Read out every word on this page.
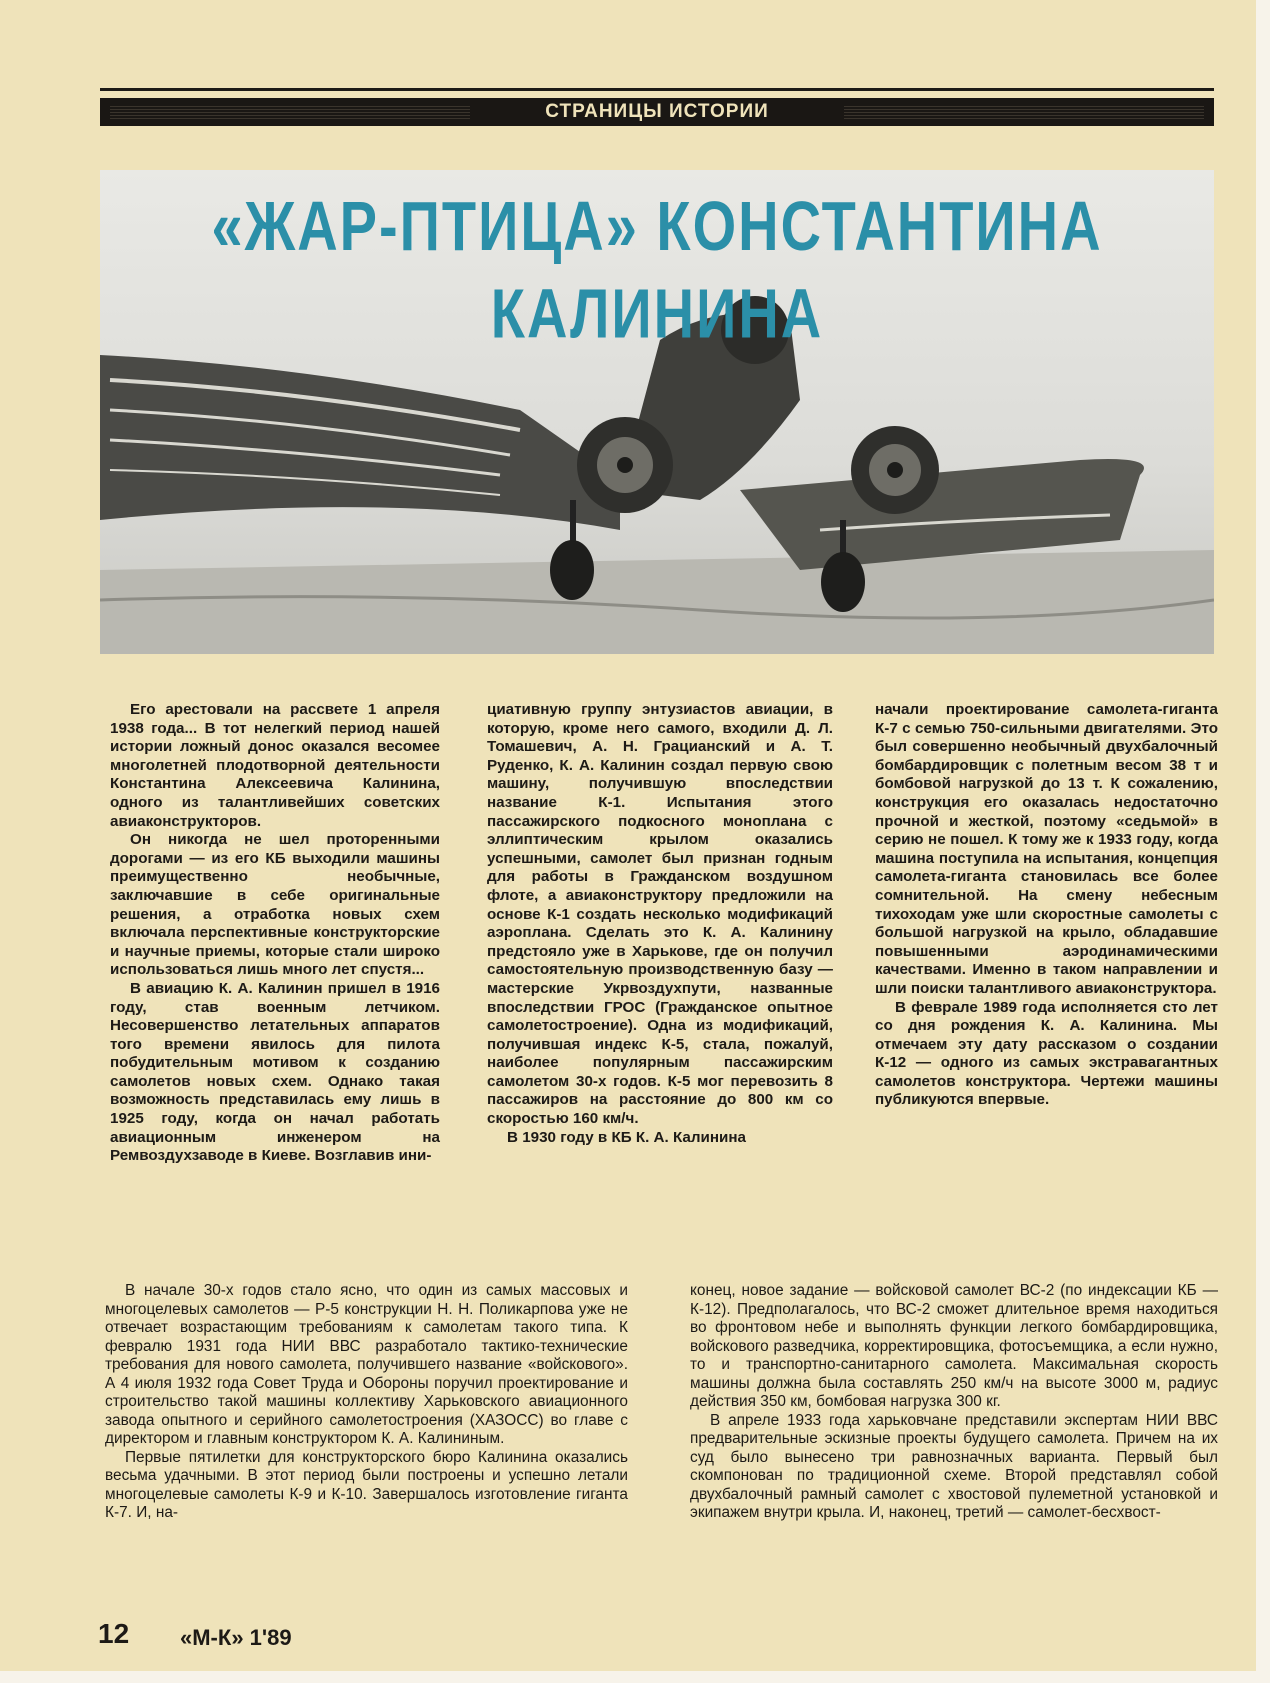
СТРАНИЦЫ ИСТОРИИ
«ЖАР-ПТИЦА» КОНСТАНТИНА КАЛИНИНА

Его арестовали на рассвете 1 апреля 1938 года... В тот нелегкий период нашей истории ложный донос оказался весомее многолетней плодотворной деятельности Константина Алексеевича Калинина, одного из талантливейших советских авиаконструкторов.

Он никогда не шел проторенными дорогами — из его КБ выходили машины преимущественно необычные, заключавшие в себе оригинальные решения, а отработка новых схем включала перспективные конструкторские и научные приемы, которые стали широко использоваться лишь много лет спустя...

В авиацию К. А. Калинин пришел в 1916 году, став военным летчиком. Несовершенство летательных аппаратов того времени явилось для пилота побудительным мотивом к созданию самолетов новых схем. Однако такая возможность представилась ему лишь в 1925 году, когда он начал работать авиационным инженером на Ремвоздухзаводе в Киеве. Возглавив ини-

циативную группу энтузиастов авиации, в которую, кроме него самого, входили Д. Л. Томашевич, А. Н. Грацианский и А. Т. Руденко, К. А. Калинин создал первую свою машину, получившую впоследствии название К-1. Испытания этого пассажирского подкосного моноплана с эллиптическим крылом оказались успешными, самолет был признан годным для работы в Гражданском воздушном флоте, а авиаконструктору предложили на основе К-1 создать несколько модификаций аэроплана. Сделать это К. А. Калинину предстояло уже в Харькове, где он получил самостоятельную производственную базу — мастерские Укрвоздухпути, названные впоследствии ГРОС (Гражданское опытное самолетостроение). Одна из модификаций, получившая индекс К-5, стала, пожалуй, наиболее популярным пассажирским самолетом 30-х годов. К-5 мог перевозить 8 пассажиров на расстояние до 800 км со скоростью 160 км/ч.

В 1930 году в КБ К. А. Калинина

начали проектирование самолета-гиганта К-7 с семью 750-сильными двигателями. Это был совершенно необычный двухбалочный бомбардировщик с полетным весом 38 т и бомбовой нагрузкой до 13 т. К сожалению, конструкция его оказалась недостаточно прочной и жесткой, поэтому «седьмой» в серию не пошел. К тому же к 1933 году, когда машина поступила на испытания, концепция самолета-гиганта становилась все более сомнительной. На смену небесным тихоходам уже шли скоростные самолеты с большой нагрузкой на крыло, обладавшие повышенными аэродинамическими качествами. Именно в таком направлении и шли поиски талантливого авиаконструктора.

В феврале 1989 года исполняется сто лет со дня рождения К. А. Калинина. Мы отмечаем эту дату рассказом о создании К-12 — одного из самых экстравагантных самолетов конструктора. Чертежи машины публикуются впервые.

В начале 30-х годов стало ясно, что один из самых массовых и многоцелевых самолетов — Р-5 конструкции Н. Н. Поликарпова уже не отвечает возрастающим требованиям к самолетам такого типа. К февралю 1931 года НИИ ВВС разработало тактико-технические требования для нового самолета, получившего название «войскового». А 4 июля 1932 года Совет Труда и Обороны поручил проектирование и строительство такой машины коллективу Харьковского авиационного завода опытного и серийного самолетостроения (ХАЗОСС) во главе с директором и главным конструктором К. А. Калининым.

Первые пятилетки для конструкторского бюро Калинина оказались весьма удачными. В этот период были построены и успешно летали многоцелевые самолеты К-9 и К-10. Завершалось изготовление гиганта К-7. И, на-

конец, новое задание — войсковой самолет ВС-2 (по индексации КБ — К-12). Предполагалось, что ВС-2 сможет длительное время находиться во фронтовом небе и выполнять функции легкого бомбардировщика, войскового разведчика, корректировщика, фотосъемщика, а если нужно, то и транспортно-санитарного самолета. Максимальная скорость машины должна была составлять 250 км/ч на высоте 3000 м, радиус действия 350 км, бомбовая нагрузка 300 кг.

В апреле 1933 года харьковчане представили экспертам НИИ ВВС предварительные эскизные проекты будущего самолета. Причем на их суд было вынесено три равнозначных варианта. Первый был скомпонован по традиционной схеме. Второй представлял собой двухбалочный рамный самолет с хвостовой пулеметной установкой и экипажем внутри крыла. И, наконец, третий — самолет-бесхвост-

12 «М-К» 1'89
